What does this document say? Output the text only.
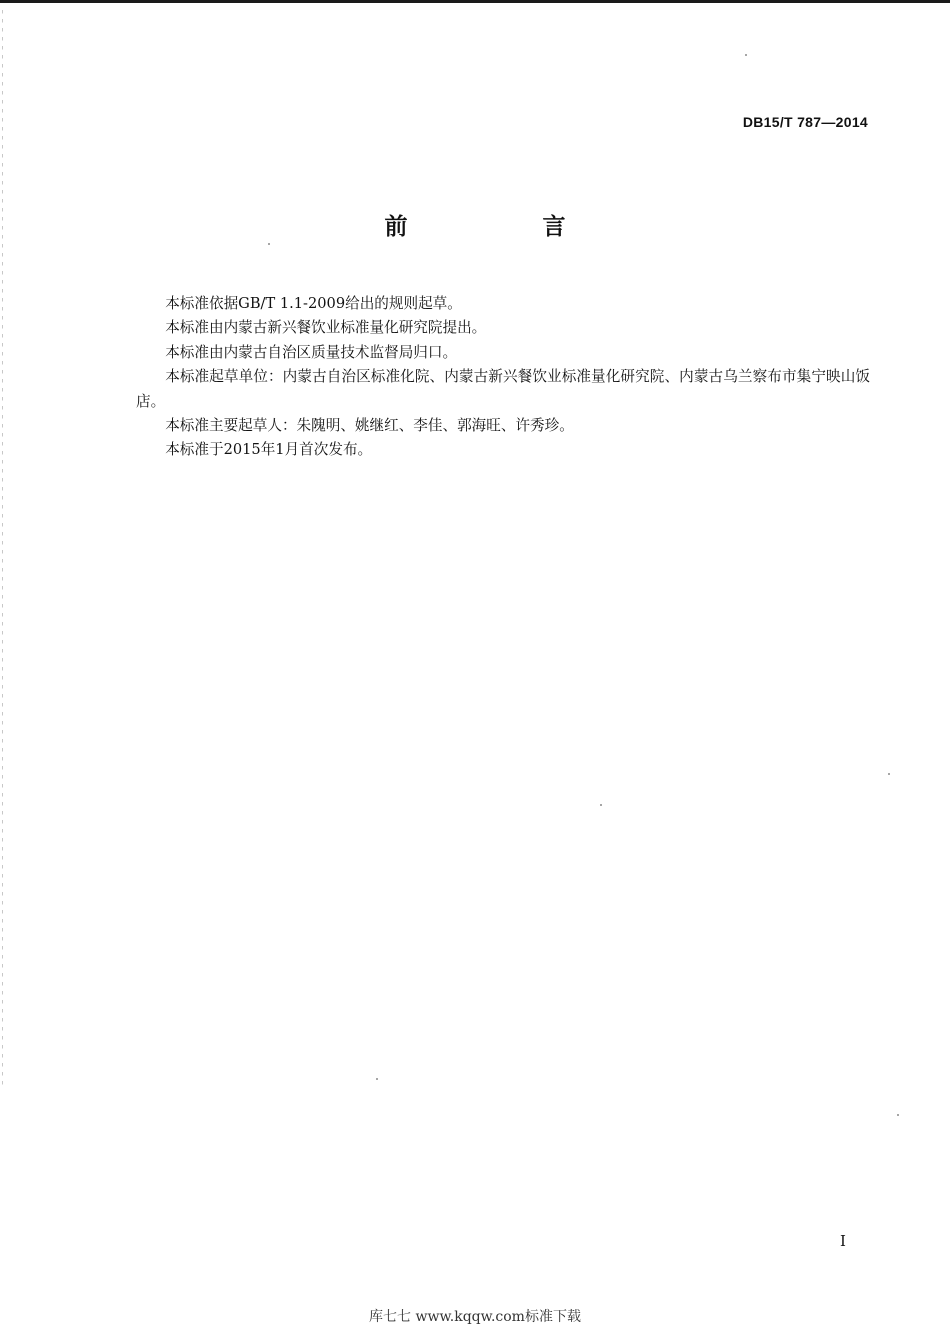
DB15/T 787—2014
前　言

本标准依据GB/T 1.1-2009给出的规则起草。

本标准由内蒙古新兴餐饮业标准量化研究院提出。

本标准由内蒙古自治区质量技术监督局归口。

本标准起草单位：内蒙古自治区标准化院、内蒙古新兴餐饮业标准量化研究院、内蒙古乌兰察布市集宁映山饭店。

本标准主要起草人：朱隗明、姚继红、李佳、郭海旺、许秀珍。

本标准于2015年1月首次发布。

I
库七七 www.kqqw.com标准下载
